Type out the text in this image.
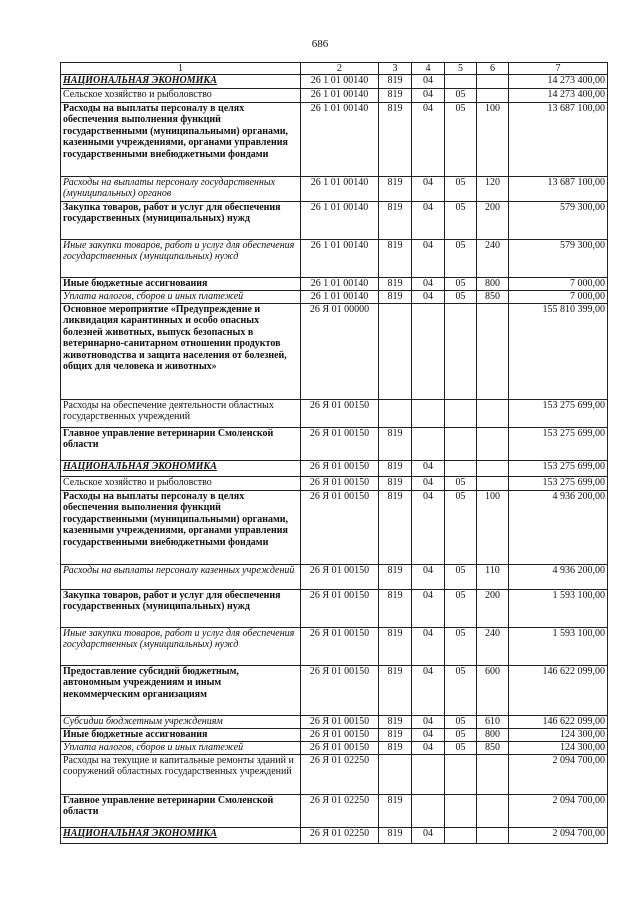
686
1	2	3	4	5	6	7
НАЦИОНАЛЬНАЯ ЭКОНОМИКА	26 1 01 00140	819	04			14 273 400,00
Сельское хозяйство и рыболовство	26 1 01 00140	819	04	05		14 273 400,00
Расходы на выплаты персоналу в целях обеспечения выполнения функций государственными (муниципальными) органами, казенными учреждениями, органами управления государственными внебюджетными фондами	26 1 01 00140	819	04	05	100	13 687 100,00
Расходы на выплаты персоналу государственных (муниципальных) органов	26 1 01 00140	819	04	05	120	13 687 100,00
Закупка товаров, работ и услуг для обеспечения государственных (муниципальных) нужд	26 1 01 00140	819	04	05	200	579 300,00
Иные закупки товаров, работ и услуг для обеспечения государственных (муниципальных) нужд	26 1 01 00140	819	04	05	240	579 300,00
Иные бюджетные ассигнования	26 1 01 00140	819	04	05	800	7 000,00
Уплата налогов, сборов и иных платежей	26 1 01 00140	819	04	05	850	7 000,00
Основное мероприятие «Предупреждение и ликвидация карантинных и особо опасных болезней животных, выпуск безопасных в ветеринарно-санитарном отношении продуктов животноводства и защита населения от болезней, общих для человека и животных»	26 Я 01 00000					155 810 399,00
Расходы на обеспечение деятельности областных государственных учреждений	26 Я 01 00150					153 275 699,00
Главное управление ветеринарии Смоленской области	26 Я 01 00150	819				153 275 699,00
НАЦИОНАЛЬНАЯ ЭКОНОМИКА	26 Я 01 00150	819	04			153 275 699,00
Сельское хозяйство и рыболовство	26 Я 01 00150	819	04	05		153 275 699,00
Расходы на выплаты персоналу в целях обеспечения выполнения функций государственными (муниципальными) органами, казенными учреждениями, органами управления государственными внебюджетными фондами	26 Я 01 00150	819	04	05	100	4 936 200,00
Расходы на выплаты персоналу казенных учреждений	26 Я 01 00150	819	04	05	110	4 936 200,00
Закупка товаров, работ и услуг для обеспечения государственных (муниципальных) нужд	26 Я 01 00150	819	04	05	200	1 593 100,00
Иные закупки товаров, работ и услуг для обеспечения государственных (муниципальных) нужд	26 Я 01 00150	819	04	05	240	1 593 100,00
Предоставление субсидий бюджетным, автономным учреждениям и иным некоммерческим организациям	26 Я 01 00150	819	04	05	600	146 622 099,00
Субсидии бюджетным учреждениям	26 Я 01 00150	819	04	05	610	146 622 099,00
Иные бюджетные ассигнования	26 Я 01 00150	819	04	05	800	124 300,00
Уплата налогов, сборов и иных платежей	26 Я 01 00150	819	04	05	850	124 300,00
Расходы на текущие и капитальные ремонты зданий и сооружений областных государственных учреждений	26 Я 01 02250					2 094 700,00
Главное управление ветеринарии Смоленской области	26 Я 01 02250	819				2 094 700,00
НАЦИОНАЛЬНАЯ ЭКОНОМИКА	26 Я 01 02250	819	04			2 094 700,00
